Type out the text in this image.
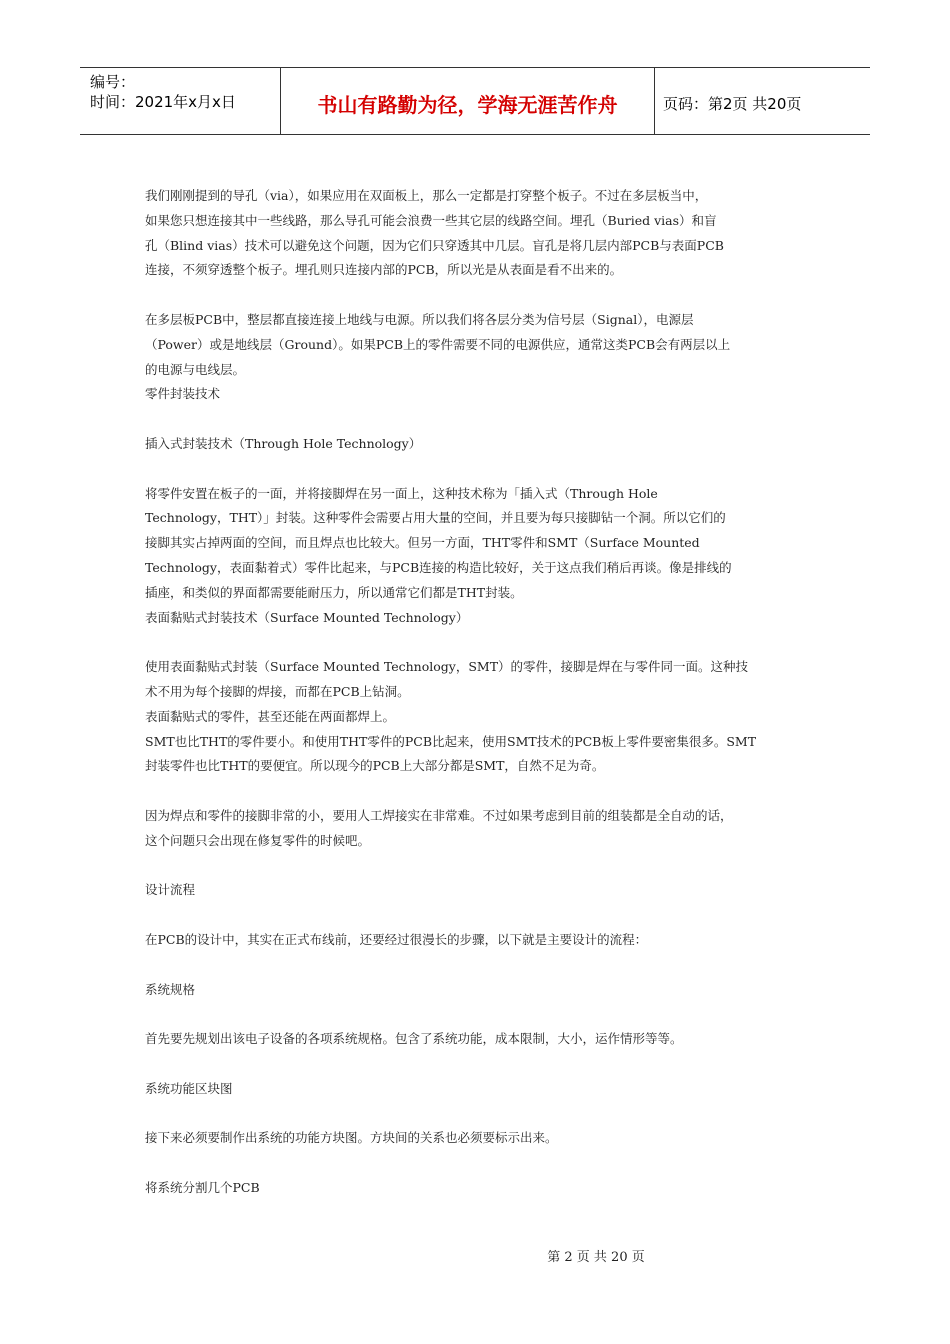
编号：
时间：2021年x月x日	书山有路勤为径，学海无涯苦作舟	页码：第2页 共20页

我们刚刚提到的导孔（via），如果应用在双面板上，那么一定都是打穿整个板子。不过在多层板当中，

如果您只想连接其中一些线路，那么导孔可能会浪费一些其它层的线路空间。埋孔（Buried vias）和盲

孔（Blind vias）技术可以避免这个问题，因为它们只穿透其中几层。盲孔是将几层内部PCB与表面PCB

连接，不须穿透整个板子。埋孔则只连接内部的PCB，所以光是从表面是看不出来的。

在多层板PCB中，整层都直接连接上地线与电源。所以我们将各层分类为信号层（Signal），电源层

（Power）或是地线层（Ground）。如果PCB上的零件需要不同的电源供应，通常这类PCB会有两层以上

的电源与电线层。

零件封装技术

插入式封装技术（Through Hole Technology）

将零件安置在板子的一面，并将接脚焊在另一面上，这种技术称为「插入式（Through Hole

Technology，THT）」封装。这种零件会需要占用大量的空间，并且要为每只接脚钻一个洞。所以它们的

接脚其实占掉两面的空间，而且焊点也比较大。但另一方面，THT零件和SMT（Surface Mounted

Technology，表面黏着式）零件比起来，与PCB连接的构造比较好，关于这点我们稍后再谈。像是排线的

插座，和类似的界面都需要能耐压力，所以通常它们都是THT封装。

表面黏贴式封装技术（Surface Mounted Technology）

使用表面黏贴式封装（Surface Mounted Technology，SMT）的零件，接脚是焊在与零件同一面。这种技

术不用为每个接脚的焊接，而都在PCB上钻洞。

表面黏贴式的零件，甚至还能在两面都焊上。

SMT也比THT的零件要小。和使用THT零件的PCB比起来，使用SMT技术的PCB板上零件要密集很多。SMT

封装零件也比THT的要便宜。所以现今的PCB上大部分都是SMT，自然不足为奇。

因为焊点和零件的接脚非常的小，要用人工焊接实在非常难。不过如果考虑到目前的组装都是全自动的话，

这个问题只会出现在修复零件的时候吧。

设计流程

在PCB的设计中，其实在正式布线前，还要经过很漫长的步骤，以下就是主要设计的流程：

系统规格

首先要先规划出该电子设备的各项系统规格。包含了系统功能，成本限制，大小，运作情形等等。

系统功能区块图

接下来必须要制作出系统的功能方块图。方块间的关系也必须要标示出来。

将系统分割几个PCB

第 2 页 共 20 页
